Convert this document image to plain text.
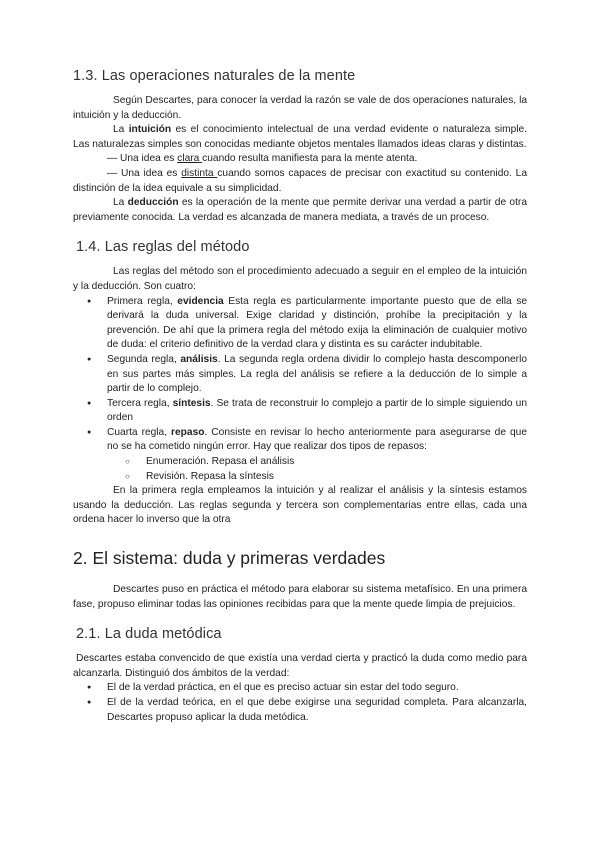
1.3. Las operaciones naturales de la mente

Según Descartes, para conocer la verdad la razón se vale de dos operaciones naturales, la intuición y la deducción.

La intuición es el conocimiento intelectual de una verdad evidente o naturaleza simple. Las naturalezas simples son conocidas mediante objetos mentales llamados ideas claras y distintas.

— Una idea es clara cuando resulta manifiesta para la mente atenta.

— Una idea es distinta cuando somos capaces de precisar con exactitud su contenido. La distinción de la idea equivale a su simplicidad.

La deducción es la operación de la mente que permite derivar una verdad a partir de otra previamente conocida. La verdad es alcanzada de manera mediata, a través de un proceso.

1.4. Las reglas del método

Las reglas del método son el procedimiento adecuado a seguir en el empleo de la intuición y la deducción. Son cuatro:

● Primera regla, evidencia Esta regla es particularmente importante puesto que de ella se derivará la duda universal. Exige claridad y distinción, prohíbe la precipitación y la prevención. De ahí que la primera regla del método exija la eliminación de cualquier motivo de duda: el criterio definitivo de la verdad clara y distinta es su carácter indubitable.
● Segunda regla, análisis. La segunda regla ordena dividir lo complejo hasta descomponerlo en sus partes más simples. La regla del análisis se refiere a la deducción de lo simple a partir de lo complejo.
● Tercera regla, síntesis. Se trata de reconstruir lo complejo a partir de lo simple siguiendo un orden
● Cuarta regla, repaso. Consiste en revisar lo hecho anteriormente para asegurarse de que no se ha cometido ningún error. Hay que realizar dos tipos de repasos:
○ Enumeración. Repasa el análisis
○ Revisión. Repasa la síntesis

En la primera regla empleamos la intuición y al realizar el análisis y la síntesis estamos usando la deducción. Las reglas segunda y tercera son complementarias entre ellas, cada una ordena hacer lo inverso que la otra

2. El sistema: duda y primeras verdades

Descartes puso en práctica el método para elaborar su sistema metafísico. En una primera fase, propuso eliminar todas las opiniones recibidas para que la mente quede limpia de prejuicios.

2.1. La duda metódica

Descartes estaba convencido de que existía una verdad cierta y practicó la duda como medio para alcanzarla. Distinguió dos ámbitos de la verdad:

● El de la verdad práctica, en el que es preciso actuar sin estar del todo seguro.
● El de la verdad teórica, en el que debe exigirse una seguridad completa. Para alcanzarla, Descartes propuso aplicar la duda metódica.
